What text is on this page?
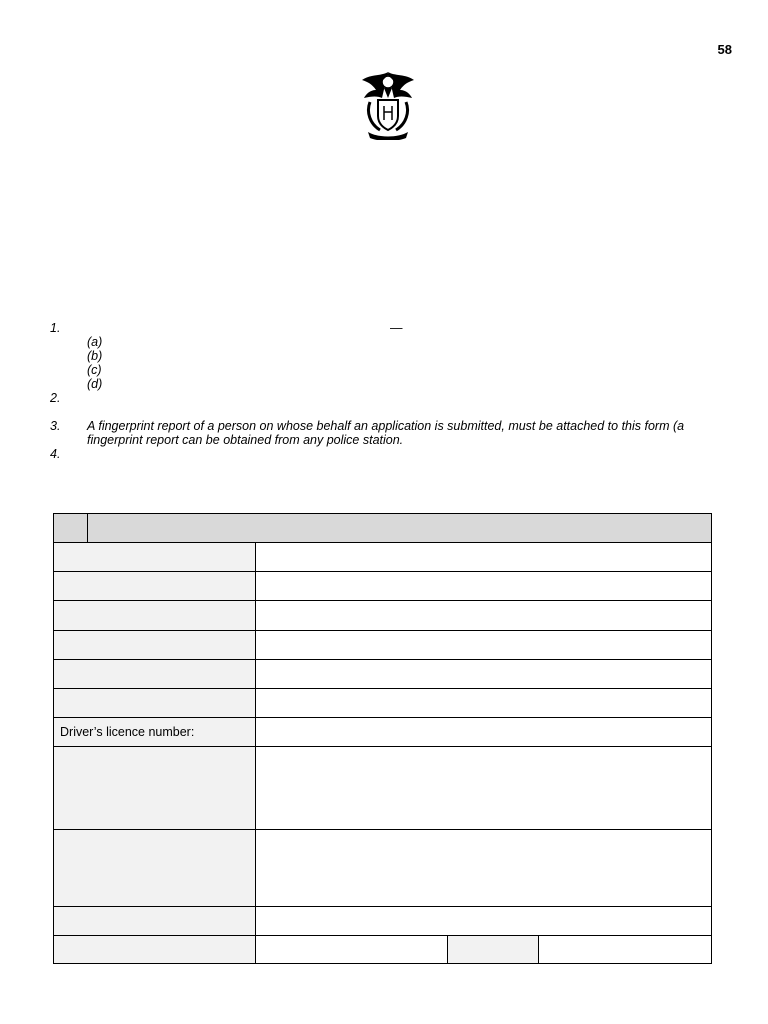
58
1.	—
(a)
(b)
(c)
(d)
2.
3. A fingerprint report of a person on whose behalf an application is submitted, must be attached to this form (a fingerprint report can be obtained from any police station.
4.
Driver’s licence number:
